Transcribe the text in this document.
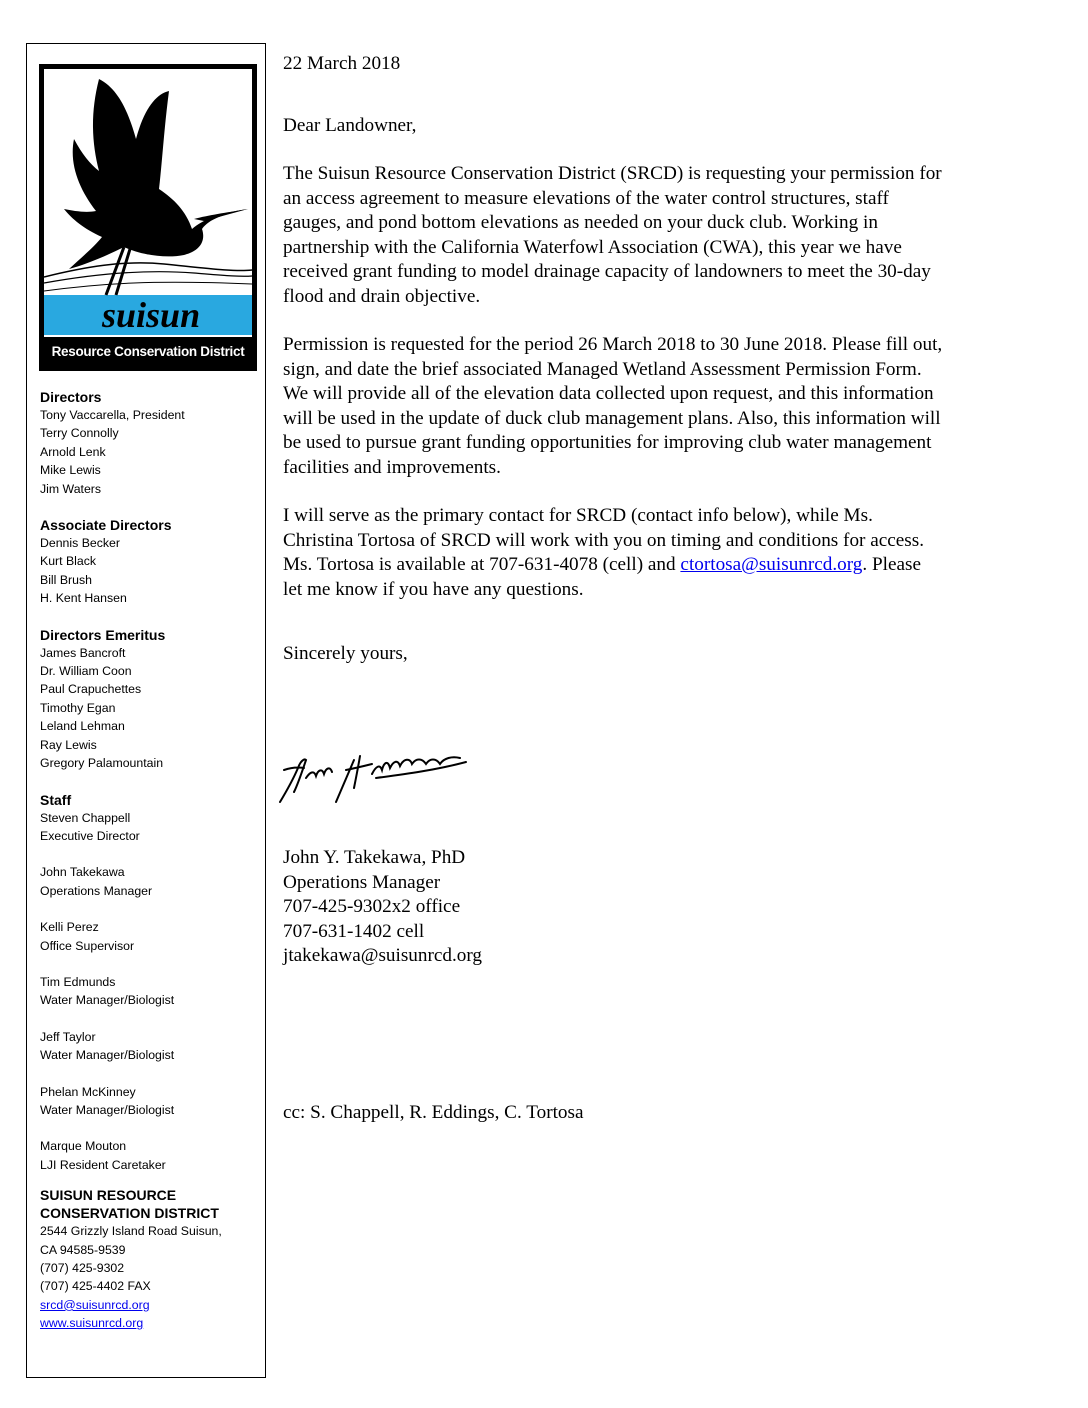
suisun
Resource Conservation District
Directors
Tony Vaccarella, President
Terry Connolly
Arnold Lenk
Mike Lewis
Jim Waters
Associate Directors
Dennis Becker
Kurt Black
Bill Brush
H. Kent Hansen
Directors Emeritus
James Bancroft
Dr. William Coon
Paul Crapuchettes
Timothy Egan
Leland Lehman
Ray Lewis
Gregory Palamountain
Staff
Steven Chappell
Executive Director
John Takekawa
Operations Manager
Kelli Perez
Office Supervisor
Tim Edmunds
Water Manager/Biologist
Jeff Taylor
Water Manager/Biologist
Phelan McKinney
Water Manager/Biologist
Marque Mouton
LJI Resident Caretaker
SUISUN RESOURCE
CONSERVATION DISTRICT
2544 Grizzly Island Road Suisun,
CA 94585-9539
(707) 425-9302
(707) 425-4402 FAX
srcd@suisunrcd.org
www.suisunrcd.org

22 March 2018

Dear Landowner,

The Suisun Resource Conservation District (SRCD) is requesting your permission for an access agreement to measure elevations of the water control structures, staff gauges, and pond bottom elevations as needed on your duck club. Working in partnership with the California Waterfowl Association (CWA), this year we have received grant funding to model drainage capacity of landowners to meet the 30-day flood and drain objective.

Permission is requested for the period 26 March 2018 to 30 June 2018. Please fill out, sign, and date the brief associated Managed Wetland Assessment Permission Form. We will provide all of the elevation data collected upon request, and this information will be used in the update of duck club management plans. Also, this information will be used to pursue grant funding opportunities for improving club water management facilities and improvements.

I will serve as the primary contact for SRCD (contact info below), while Ms. Christina Tortosa of SRCD will work with you on timing and conditions for access. Ms. Tortosa is available at 707-631-4078 (cell) and ctortosa@suisunrcd.org. Please let me know if you have any questions.

Sincerely yours,

John Y. Takekawa, PhD
Operations Manager
707-425-9302x2 office
707-631-1402 cell
jtakekawa@suisunrcd.org
cc: S. Chappell, R. Eddings, C. Tortosa
